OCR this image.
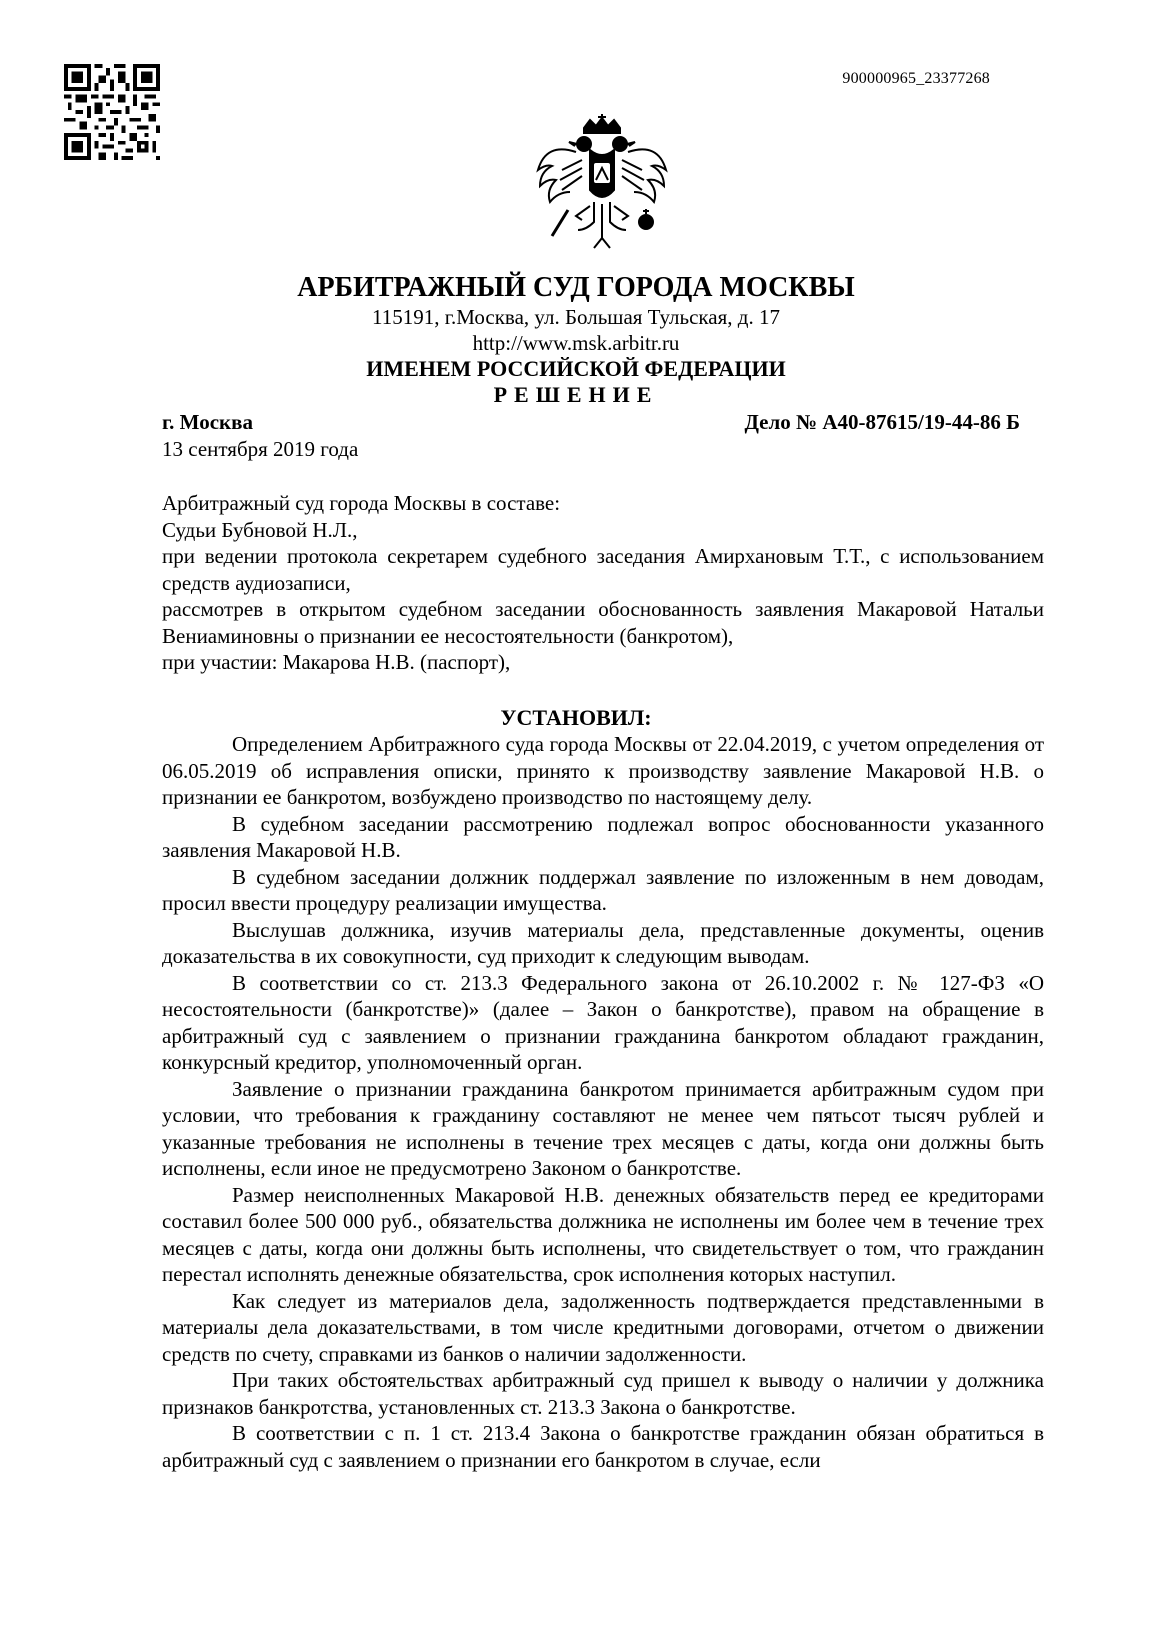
900000965_23377268
АРБИТРАЖНЫЙ СУД ГОРОДА МОСКВЫ
115191, г.Москва, ул. Большая Тульская, д. 17
http://www.msk.arbitr.ru
ИМЕНЕМ РОССИЙСКОЙ ФЕДЕРАЦИИ
РЕШЕНИЕ
г. Москва	Дело № А40-87615/19-44-86 Б
13 сентября 2019 года
Арбитражный суд города Москвы в составе:
Судьи Бубновой Н.Л.,
при ведении протокола секретарем судебного заседания Амирхановым Т.Т., с использованием средств аудиозаписи,
рассмотрев в открытом судебном заседании обоснованность заявления Макаровой Натальи Вениаминовны о признании ее несостоятельности (банкротом),
при участии: Макарова Н.В. (паспорт),
УСТАНОВИЛ:

Определением Арбитражного суда города Москвы от 22.04.2019, с учетом определения от 06.05.2019 об исправления описки, принято к производству заявление Макаровой Н.В. о признании ее банкротом, возбуждено производство по настоящему делу.

В судебном заседании рассмотрению подлежал вопрос обоснованности указанного заявления Макаровой Н.В.

В судебном заседании должник поддержал заявление по изложенным в нем доводам, просил ввести процедуру реализации имущества.

Выслушав должника, изучив материалы дела, представленные документы, оценив доказательства в их совокупности, суд приходит к следующим выводам.

В соответствии со ст. 213.3 Федерального закона от 26.10.2002 г. № 127-ФЗ «О несостоятельности (банкротстве)» (далее – Закон о банкротстве), правом на обращение в арбитражный суд с заявлением о признании гражданина банкротом обладают гражданин, конкурсный кредитор, уполномоченный орган.

Заявление о признании гражданина банкротом принимается арбитражным судом при условии, что требования к гражданину составляют не менее чем пятьсот тысяч рублей и указанные требования не исполнены в течение трех месяцев с даты, когда они должны быть исполнены, если иное не предусмотрено Законом о банкротстве.

Размер неисполненных Макаровой Н.В. денежных обязательств перед ее кредиторами составил более 500 000 руб., обязательства должника не исполнены им более чем в течение трех месяцев с даты, когда они должны быть исполнены, что свидетельствует о том, что гражданин перестал исполнять денежные обязательства, срок исполнения которых наступил.

Как следует из материалов дела, задолженность подтверждается представленными в материалы дела доказательствами, в том числе кредитными договорами, отчетом о движении средств по счету, справками из банков о наличии задолженности.

При таких обстоятельствах арбитражный суд пришел к выводу о наличии у должника признаков банкротства, установленных ст. 213.3 Закона о банкротстве.

В соответствии с п. 1 ст. 213.4 Закона о банкротстве гражданин обязан обратиться в арбитражный суд с заявлением о признании его банкротом в случае, если
